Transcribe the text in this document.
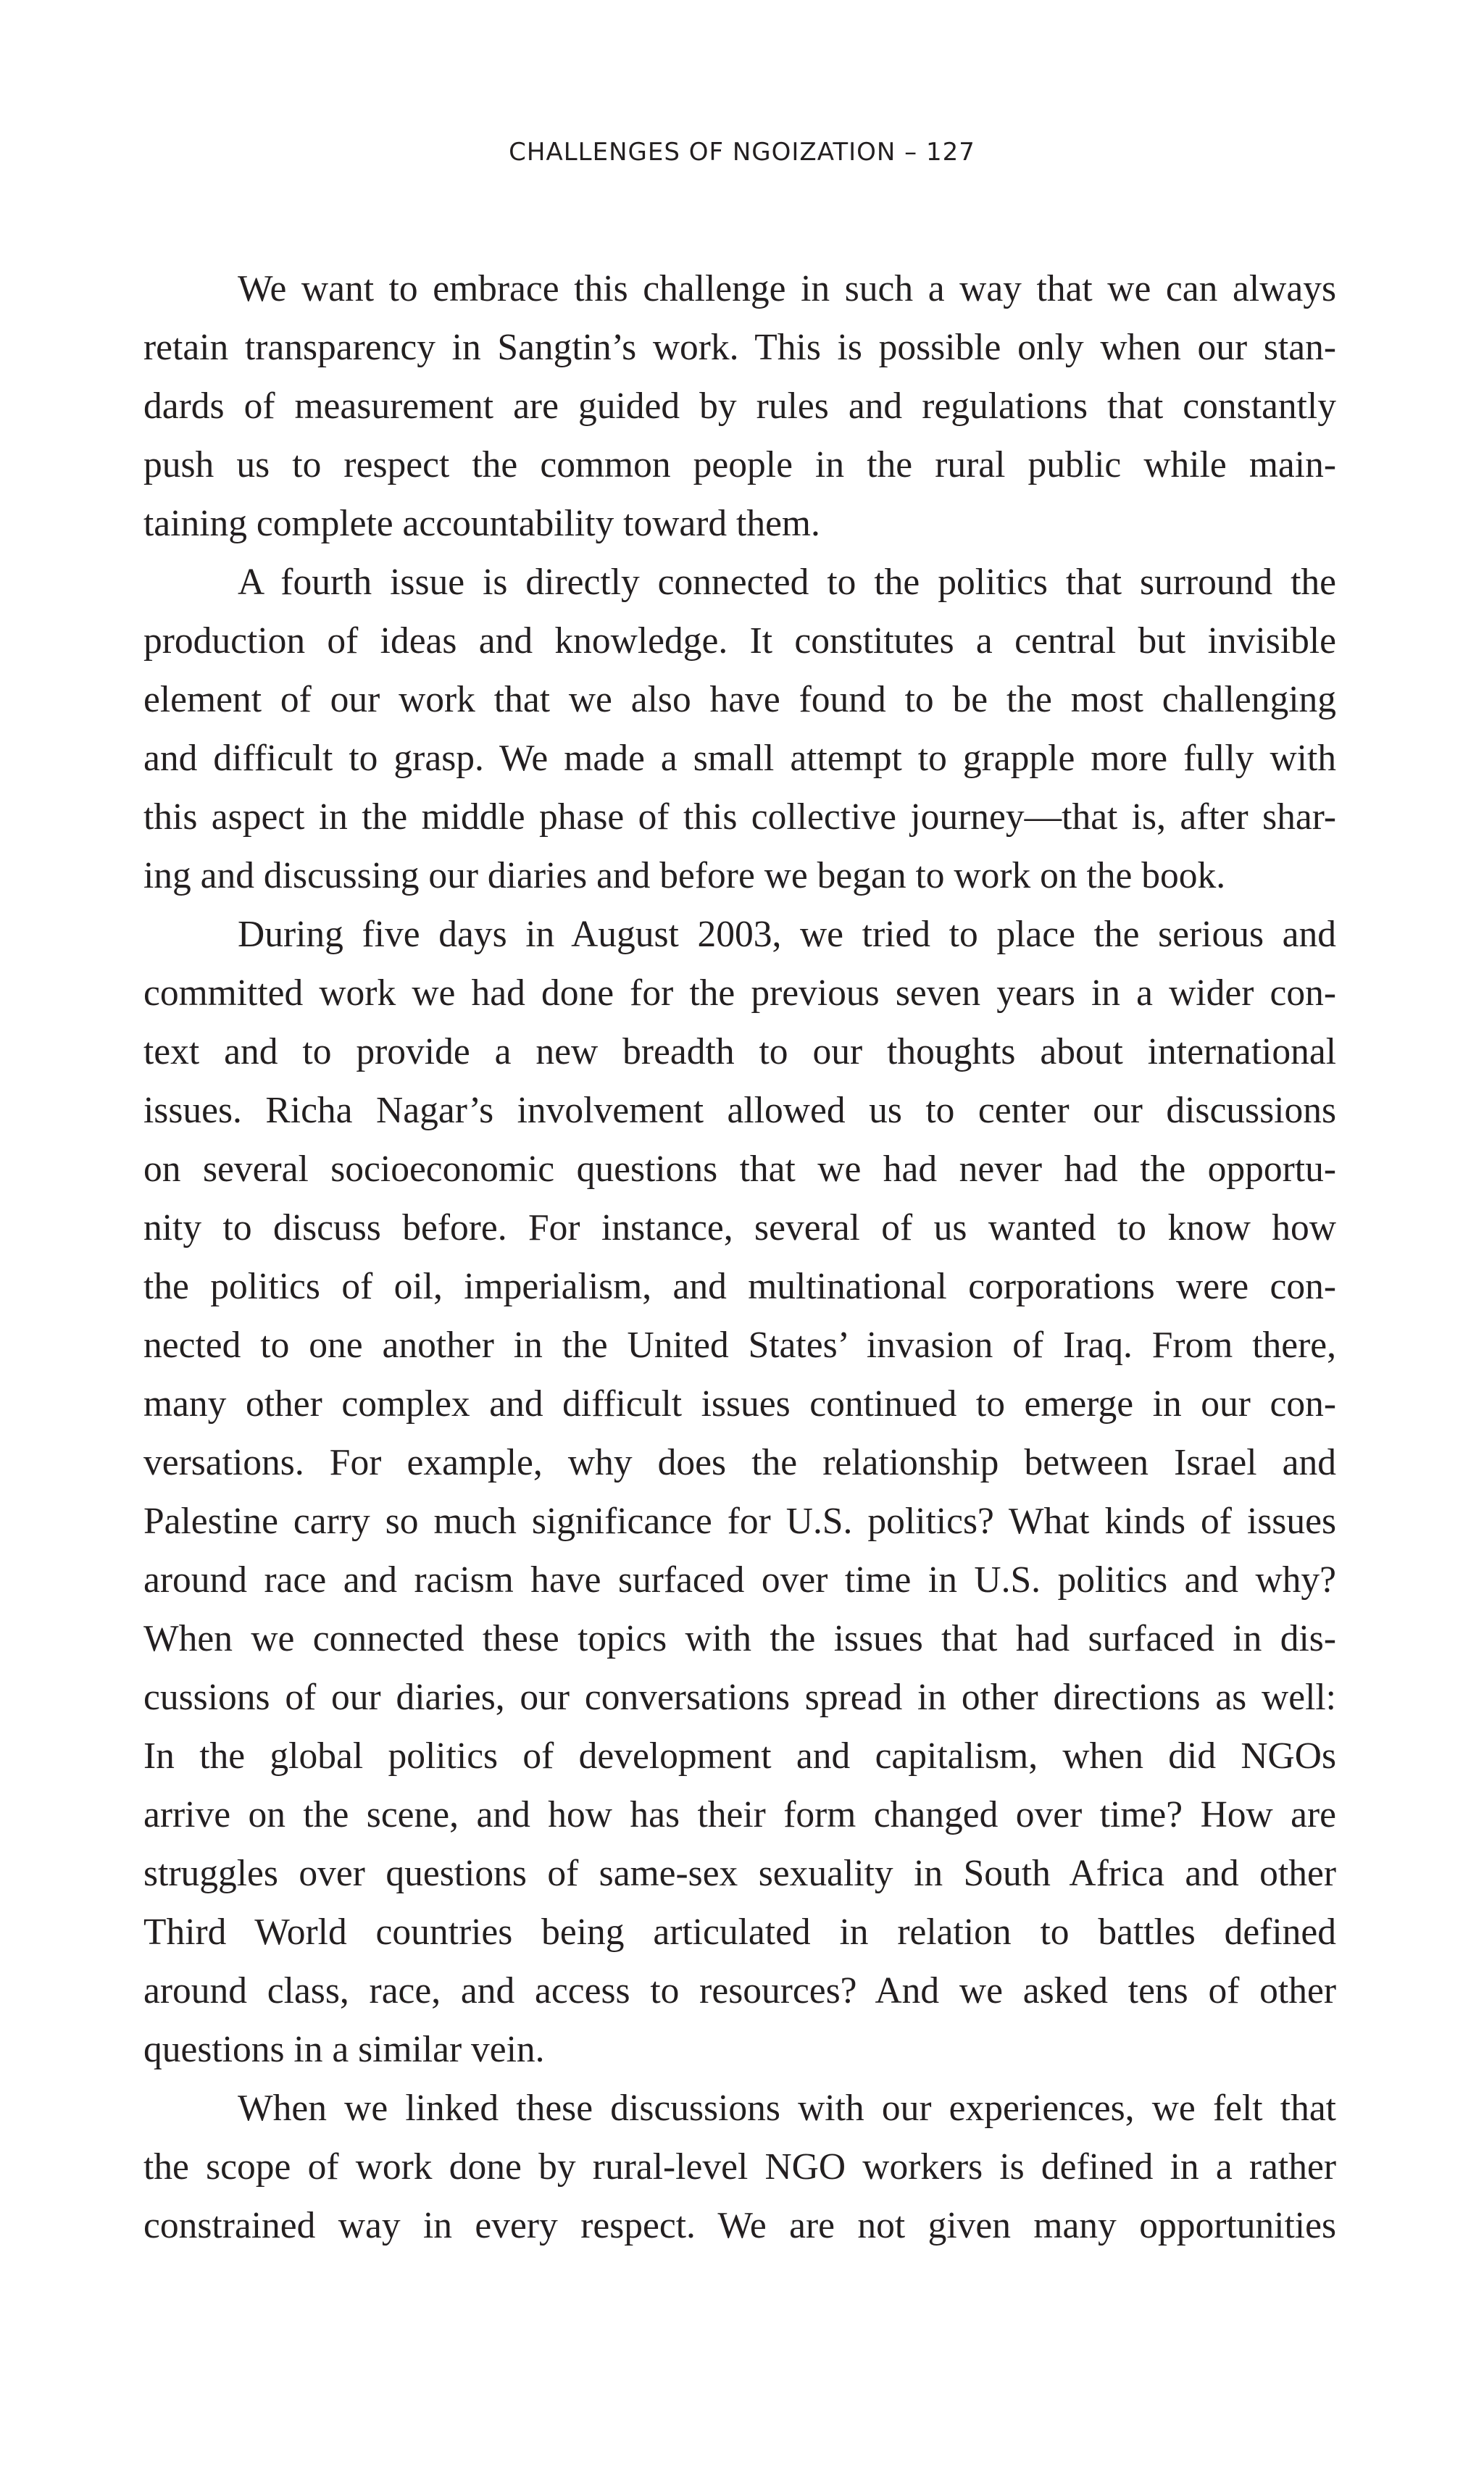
CHALLENGES OF NGOIZATION – 127
We want to embrace this challenge in such a way that we can always
retain transparency in Sangtin’s work. This is possible only when our stan-
dards of measurement are guided by rules and regulations that constantly
push us to respect the common people in the rural public while main-
taining complete accountability toward them.
A fourth issue is directly connected to the politics that surround the
production of ideas and knowledge. It constitutes a central but invisible
element of our work that we also have found to be the most challenging
and difficult to grasp. We made a small attempt to grapple more fully with
this aspect in the middle phase of this collective journey—that is, after shar-
ing and discussing our diaries and before we began to work on the book.
During five days in August 2003, we tried to place the serious and
committed work we had done for the previous seven years in a wider con-
text and to provide a new breadth to our thoughts about international
issues. Richa Nagar’s involvement allowed us to center our discussions
on several socioeconomic questions that we had never had the opportu-
nity to discuss before. For instance, several of us wanted to know how
the politics of oil, imperialism, and multinational corporations were con-
nected to one another in the United States’ invasion of Iraq. From there,
many other complex and difficult issues continued to emerge in our con-
versations. For example, why does the relationship between Israel and
Palestine carry so much significance for U.S. politics? What kinds of issues
around race and racism have surfaced over time in U.S. politics and why?
When we connected these topics with the issues that had surfaced in dis-
cussions of our diaries, our conversations spread in other directions as well:
In the global politics of development and capitalism, when did NGOs
arrive on the scene, and how has their form changed over time? How are
struggles over questions of same-sex sexuality in South Africa and other
Third World countries being articulated in relation to battles defined
around class, race, and access to resources? And we asked tens of other
questions in a similar vein.
When we linked these discussions with our experiences, we felt that
the scope of work done by rural-level NGO workers is defined in a rather
constrained way in every respect. We are not given many opportunities
